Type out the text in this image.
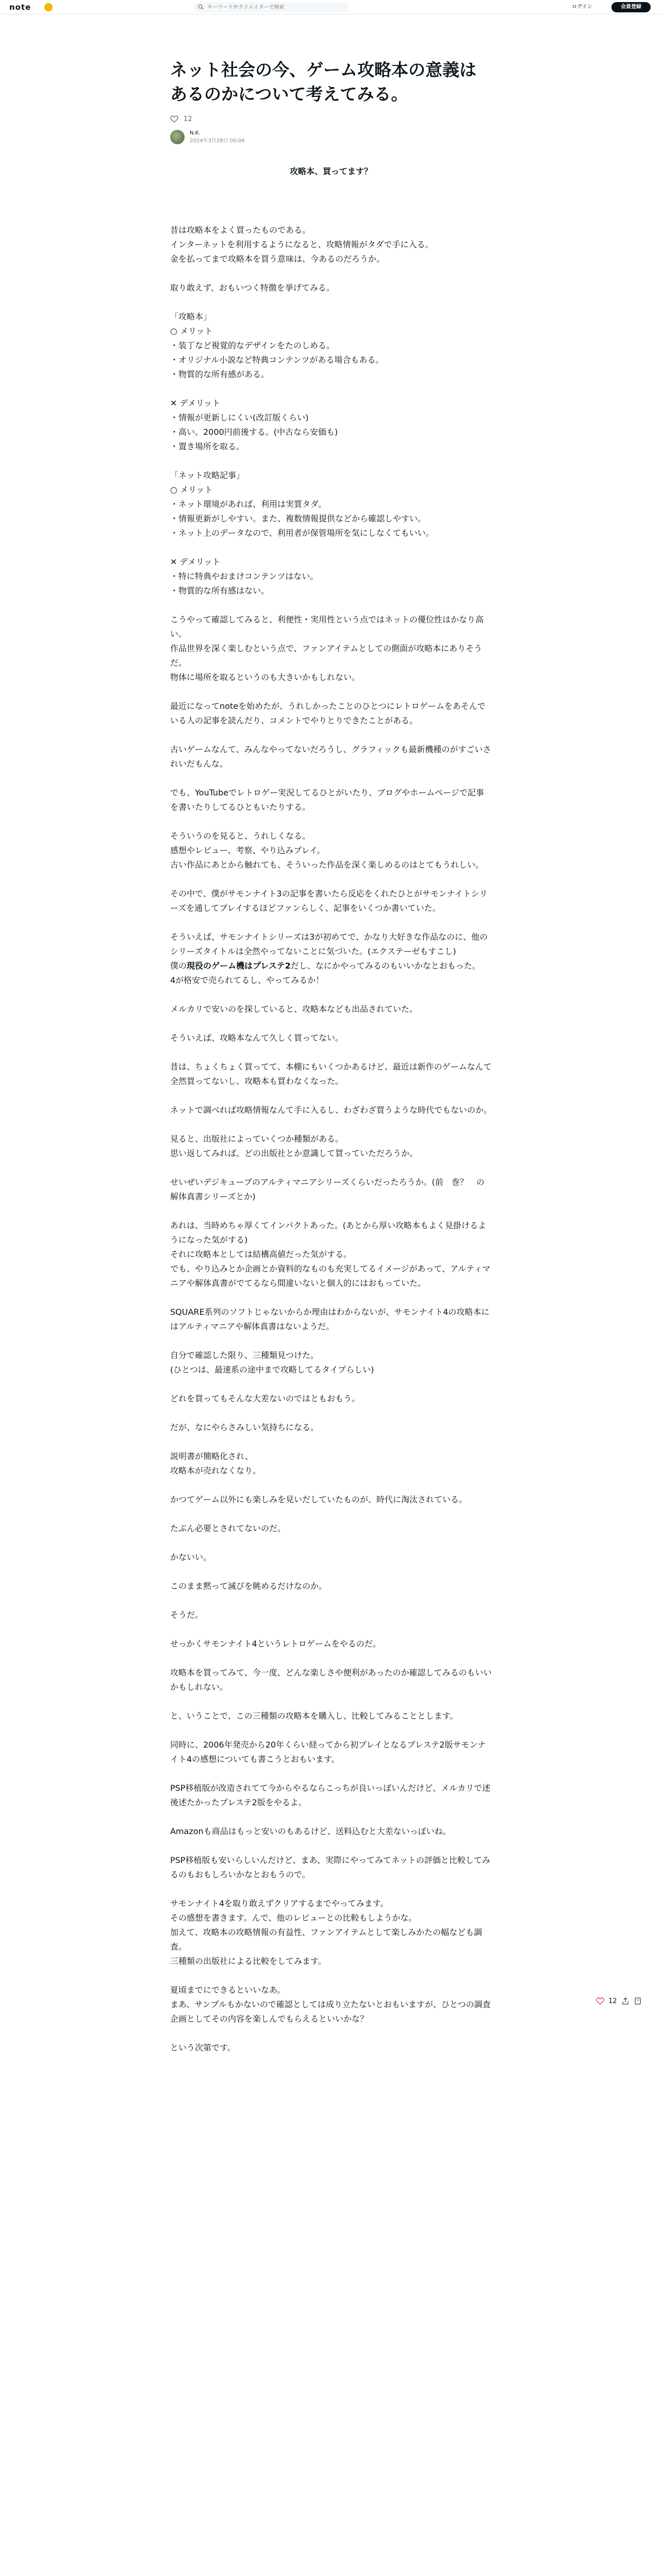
note
キーワードやクリエイターで検索	ログイン	会員登録
ネット社会の今、ゲーム攻略本の意義はあるのかについて考えてみる。
12
N.K.
2024年3月28日 00:06
攻略本、買ってます？
昔は攻略本をよく買ったものである。
インターネットを利用するようになると、攻略情報がタダで手に入る。
金を払ってまで攻略本を買う意味は、今あるのだろうか。
取り敢えず、おもいつく特徴を挙げてみる。
「攻略本」
○ メリット
・装丁など視覚的なデザインをたのしめる。
・オリジナル小説など特典コンテンツがある場合もある。
・物質的な所有感がある。
✕ デメリット
・情報が更新しにくい(改訂版くらい)
・高い。2000円前後する。(中古なら安価も)
・置き場所を取る。
「ネット攻略記事」
○ メリット
・ネット環境があれば、利用は実質タダ。
・情報更新がしやすい。また、複数情報提供などから確認しやすい。
・ネット上のデータなので、利用者が保管場所を気にしなくてもいい。
✕ デメリット
・特に特典やおまけコンテンツはない。
・物質的な所有感はない。
こうやって確認してみると、利便性・実用性という点ではネットの優位性はかなり高い。
作品世界を深く楽しむという点で、ファンアイテムとしての側面が攻略本にありそうだ。
物体に場所を取るというのも大きいかもしれない。
最近になってnoteを始めたが、うれしかったことのひとつにレトロゲームをあそんでいる人の記事を読んだり、コメントでやりとりできたことがある。
古いゲームなんて、みんなやってないだろうし、グラフィックも最新機種のがすごいされいだもんな。
でも、YouTubeでレトロゲー実況してるひとがいたり、ブログやホームページで記事を書いたりしてるひともいたりする。
そういうのを見ると、うれしくなる。
感想やレビュー、考察、やり込みプレイ。
古い作品にあとから触れても、そういった作品を深く楽しめるのはとてもうれしい。
その中で、僕がサモンナイト3の記事を書いたら反応をくれたひとがサモンナイトシリーズを通してプレイするほどファンらしく、記事をいくつか書いていた。
そういえば、サモンナイトシリーズは3が初めてで、かなり大好きな作品なのに、他のシリーズタイトルは全然やってないことに気づいた。(エクステーゼもすこし)
僕の現役のゲーム機はプレステ2だし、なにかやってみるのもいいかなとおもった。
4が格安で売られてるし、やってみるか！
メルカリで安いのを探していると、攻略本なども出品されていた。
そういえば、攻略本なんて久しく買ってない。
昔は、ちょくちょく買ってて、本棚にもいくつかあるけど、最近は新作のゲームなんて全然買ってないし、攻略本も買わなくなった。
ネットで調べれば攻略情報なんて手に入るし、わざわざ買うような時代でもないのか。
見ると、出版社によっていくつか種類がある。
思い返してみれば、どの出版社とか意識して買っていただろうか。
せいぜいデジキューブのアルティマニアシリーズくらいだったろうか。(前　巻？　の解体真書シリーズとか)
あれは、当時めちゃ厚くてインパクトあった。(あとから厚い攻略本もよく見掛けるようになった気がする)
それに攻略本としては結構高値だった気がする。
でも、やり込みとか企画とか資料的なものも充実してるイメージがあって、アルティマニアや解体真書がでてるなら間違いないと個人的にはおもっていた。
SQUARE系列のソフトじゃないからか理由はわからないが、サモンナイト4の攻略本にはアルティマニアや解体真書はないようだ。
自分で確認した限り、三種類見つけた。
(ひとつは、最速系の途中まで攻略してるタイプらしい)
どれを買ってもそんな大差ないのではともおもう。
だが、なにやらさみしい気持ちになる。
説明書が簡略化され、
攻略本が売れなくなり。
かつてゲーム以外にも楽しみを見いだしていたものが、時代に淘汰されている。
たぶん必要とされてないのだ。
かないい。
このまま黙って滅びを眺めるだけなのか。
そうだ。
せっかくサモンナイト4というレトロゲームをやるのだ。
攻略本を買ってみて、今一度、どんな楽しさや便利があったのか確認してみるのもいいかもしれない。
と、いうことで、この三種類の攻略本を購入し、比較してみることとします。
同時に、2006年発売から20年くらい経ってから初プレイとなるプレステ2版サモンナイト4の感想についても書こうとおもいます。
PSP移植版が改造されてて今からやるならこっちが良いっぽいんだけど、メルカリで述後述たかったプレステ2版をやるよ。
Amazonも商品はもっと安いのもあるけど、送料込むと大差ないっぽいね。
PSP移植版も安いらしいんだけど、まあ、実際にやってみてネットの評価と比較してみるのもおもしろいかなとおもうので。
サモンナイト4を取り敢えずクリアするまでやってみます。
その感想を書きます。んで、他のレビューとの比較もしようかな。
加えて、攻略本の攻略情報の有益性、ファンアイテムとして楽しみかたの幅なども調査。
三種類の出版社による比較をしてみます。
夏頃までにできるといいなあ。
まあ、サンプルもかないので確認としては成り立たないとおもいますが、ひとつの調査企画としてその内容を楽しんでもらえるといいかな？
という次第です。
12
